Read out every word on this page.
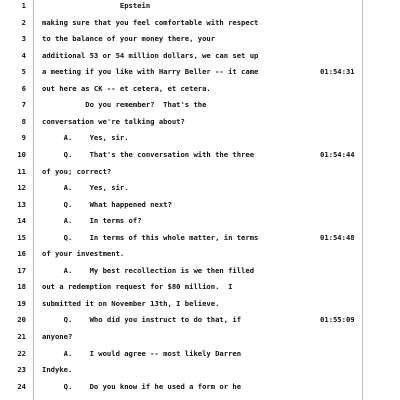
1 Epstein
2 making sure that you feel comfortable with respect
3 to the balance of your money there, your
4 additional 53 or 54 million dollars, we can set up
5 a meeting if you like with Harry Beller -- it came	01:54:31
6 out here as CK -- et cetera, et cetera.
7 Do you remember?  That's the
8 conversation we're talking about?
9 A.    Yes, sir.
10 Q.    That's the conversation with the three	01:54:44
11 of you; correct?
12 A.    Yes, sir.
13 Q.    What happened next?
14 A.    In terms of?
15 Q.    In terms of this whole matter, in terms	01:54:48
16 of your investment.
17 A.    My best recollection is we then filled
18 out a redemption request for $80 million.  I
19 submitted it on November 13th, I believe.
20 Q.    Who did you instruct to do that, if	01:55:09
21 anyone?
22 A.    I would agree -- most likely Darren
23 Indyke.
24 Q.    Do you know if he used a form or he
